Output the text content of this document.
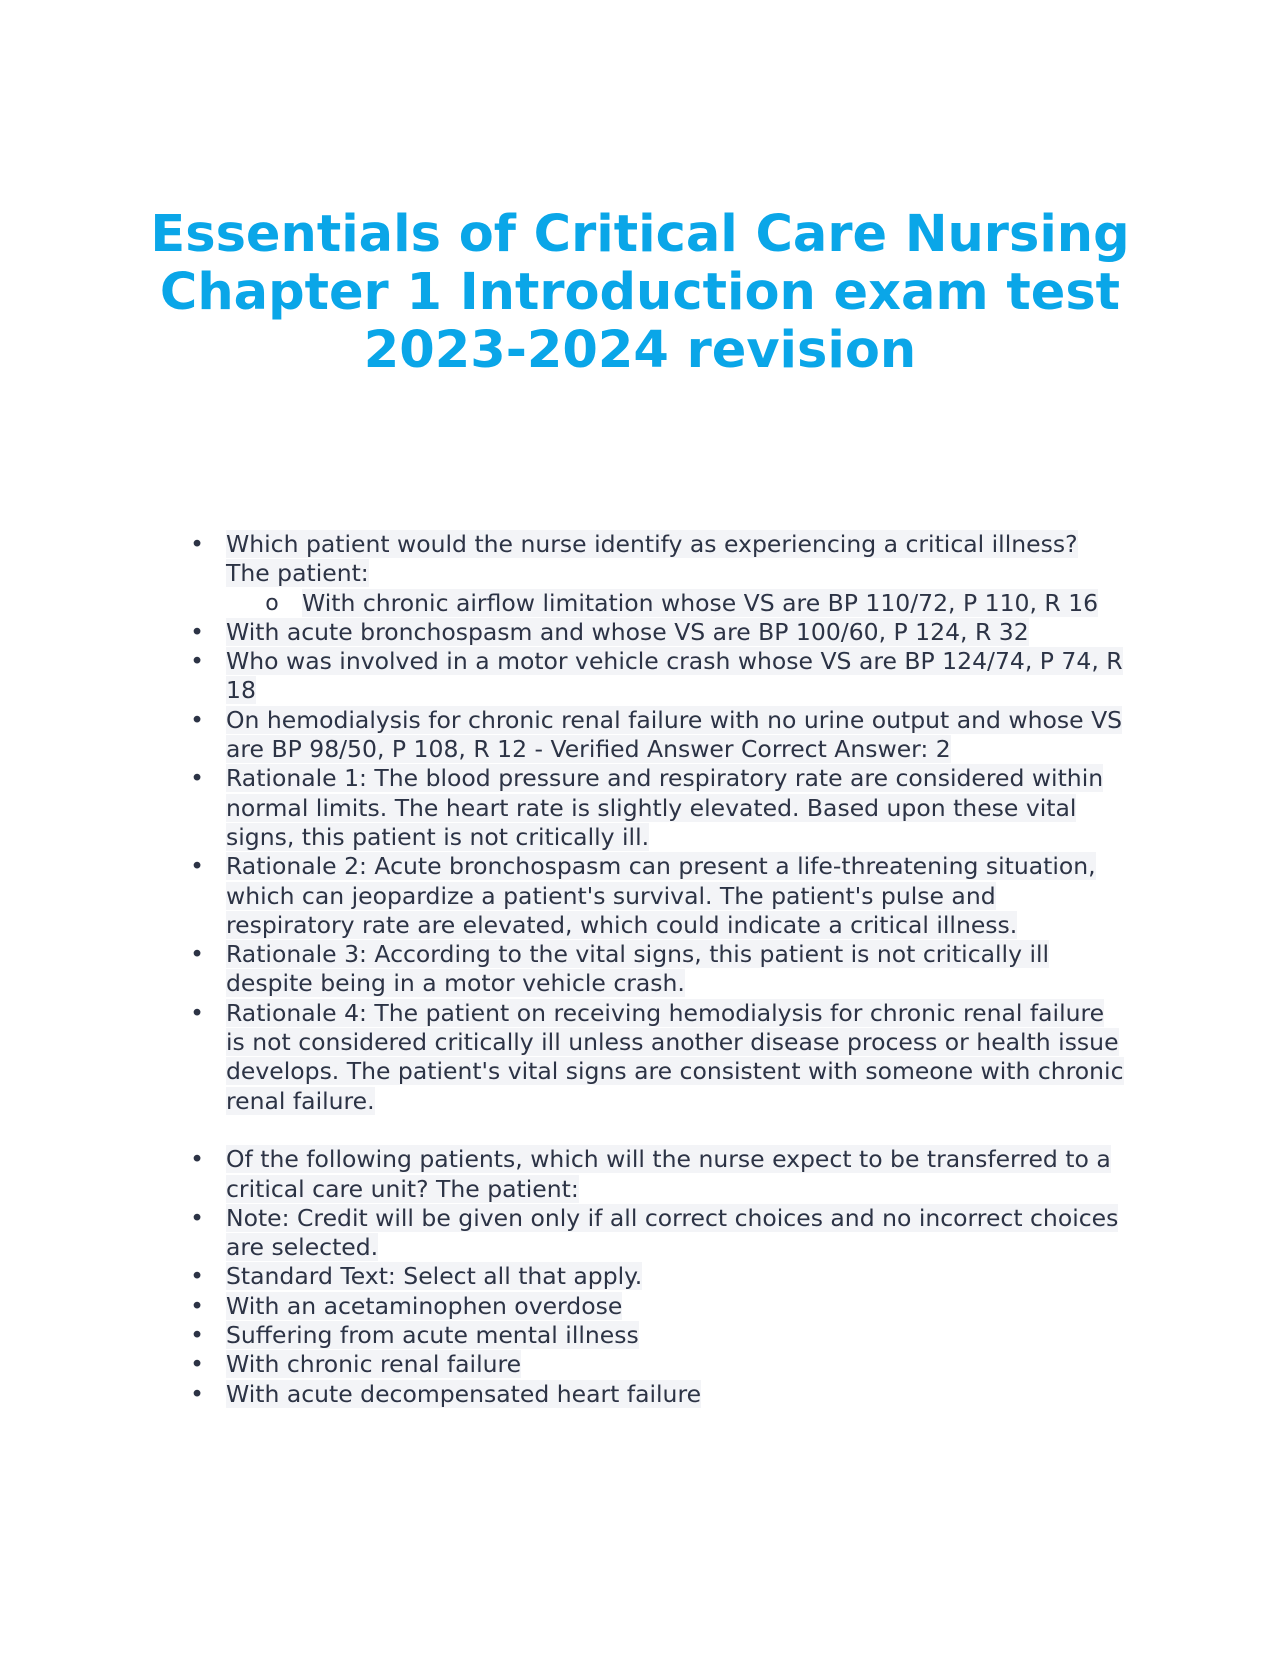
Essentials of Critical Care Nursing
Chapter 1 Introduction exam test
2023-2024 revision
• Which patient would the nurse identify as experiencing a critical illness? The patient:
o With chronic airflow limitation whose VS are BP 110/72, P 110, R 16
• With acute bronchospasm and whose VS are BP 100/60, P 124, R 32
• Who was involved in a motor vehicle crash whose VS are BP 124/74, P 74, R 18
• On hemodialysis for chronic renal failure with no urine output and whose VS are BP 98/50, P 108, R 12 - Verified Answer Correct Answer: 2
• Rationale 1: The blood pressure and respiratory rate are considered within normal limits. The heart rate is slightly elevated. Based upon these vital signs, this patient is not critically ill.
• Rationale 2: Acute bronchospasm can present a life-threatening situation, which can jeopardize a patient's survival. The patient's pulse and respiratory rate are elevated, which could indicate a critical illness.
• Rationale 3: According to the vital signs, this patient is not critically ill despite being in a motor vehicle crash.
• Rationale 4: The patient on receiving hemodialysis for chronic renal failure is not considered critically ill unless another disease process or health issue develops. The patient's vital signs are consistent with someone with chronic renal failure.
• Of the following patients, which will the nurse expect to be transferred to a critical care unit? The patient:
• Note: Credit will be given only if all correct choices and no incorrect choices are selected.
• Standard Text: Select all that apply.
• With an acetaminophen overdose
• Suffering from acute mental illness
• With chronic renal failure
• With acute decompensated heart failure
